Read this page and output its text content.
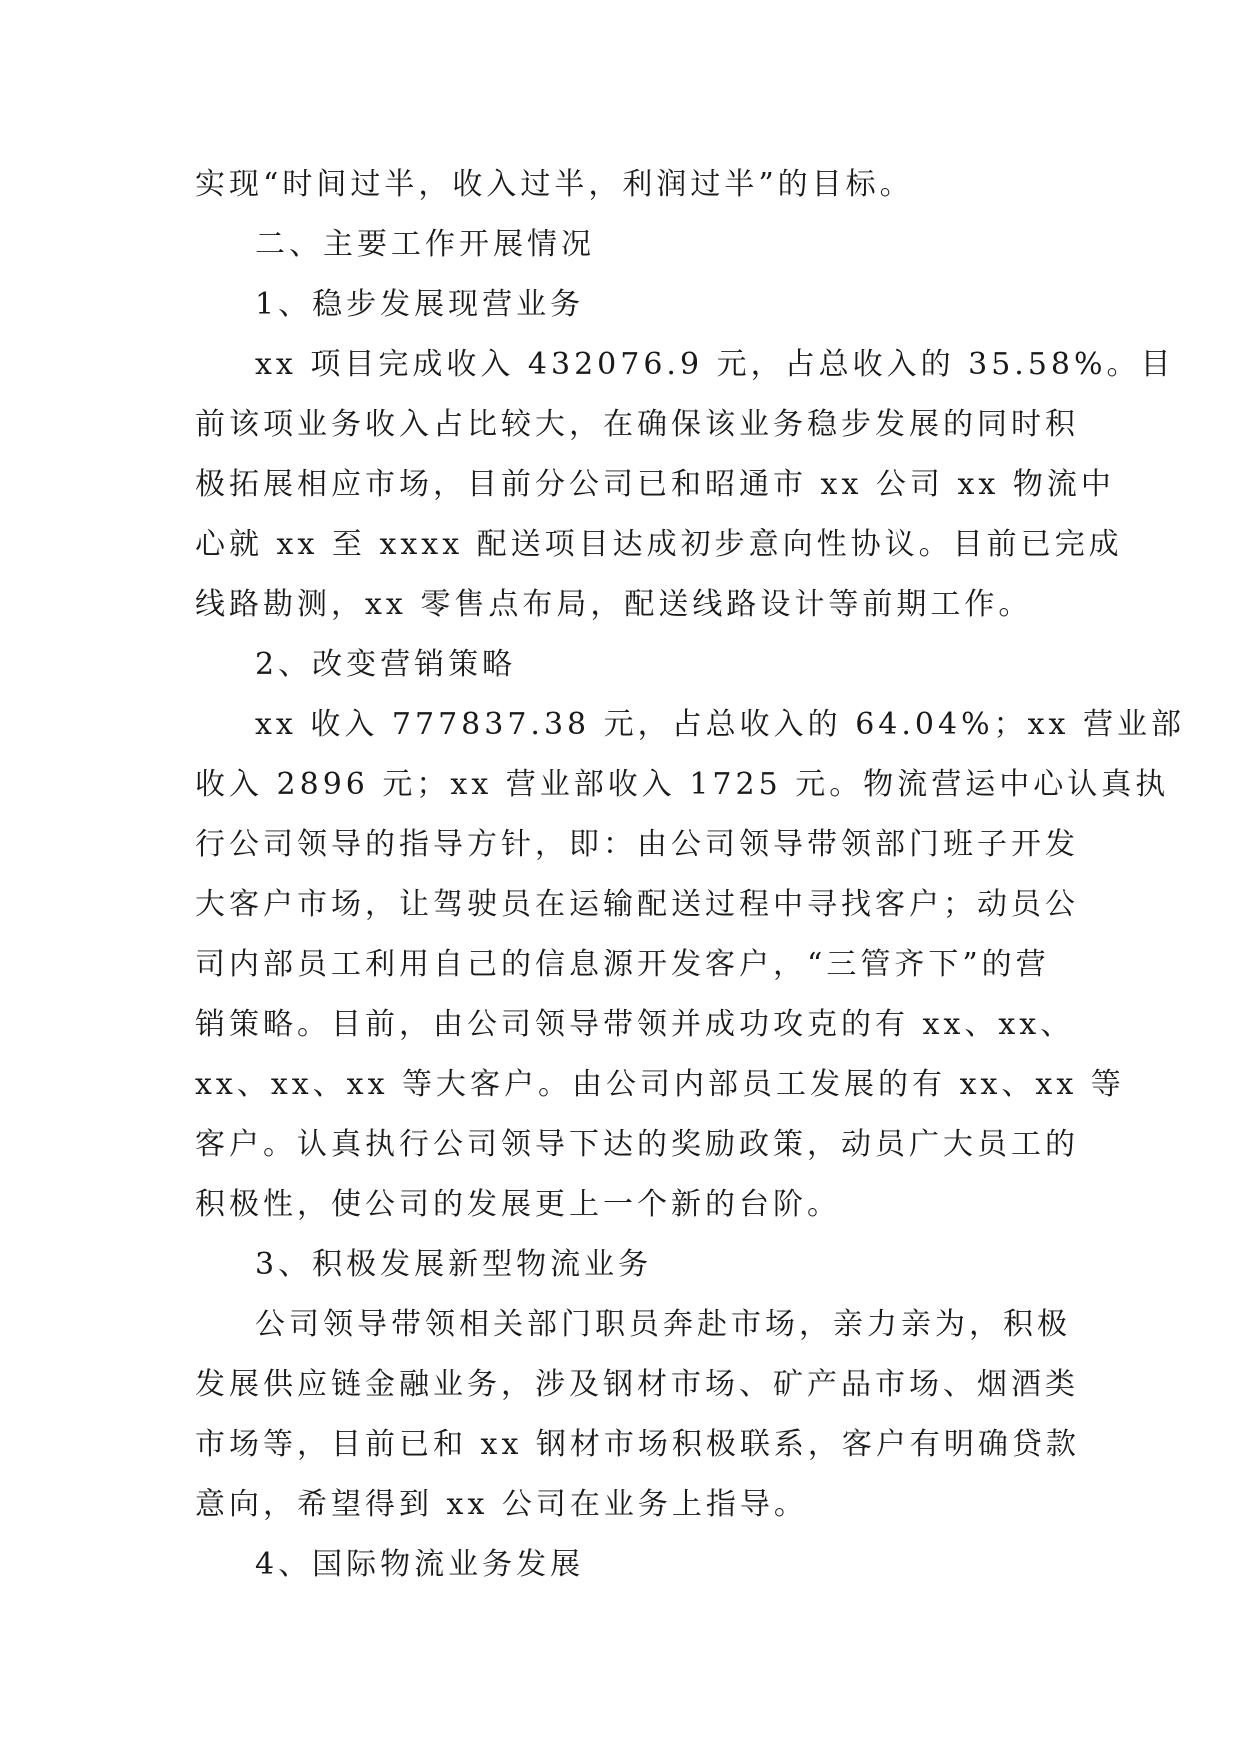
实现“时间过半，收入过半，利润过半”的目标。
二、主要工作开展情况
1、稳步发展现营业务
xx 项目完成收入 432076.9 元，占总收入的 35.58%。目
前该项业务收入占比较大，在确保该业务稳步发展的同时积
极拓展相应市场，目前分公司已和昭通市 xx 公司 xx 物流中
心就 xx 至 xxxx 配送项目达成初步意向性协议。目前已完成
线路勘测，xx 零售点布局，配送线路设计等前期工作。
2、改变营销策略
xx 收入 777837.38 元，占总收入的 64.04%；xx 营业部
收入 2896 元；xx 营业部收入 1725 元。物流营运中心认真执
行公司领导的指导方针，即：由公司领导带领部门班子开发
大客户市场，让驾驶员在运输配送过程中寻找客户；动员公
司内部员工利用自己的信息源开发客户，“三管齐下”的营
销策略。目前，由公司领导带领并成功攻克的有 xx、xx、
xx、xx、xx 等大客户。由公司内部员工发展的有 xx、xx 等
客户。认真执行公司领导下达的奖励政策，动员广大员工的
积极性，使公司的发展更上一个新的台阶。
3、积极发展新型物流业务
公司领导带领相关部门职员奔赴市场，亲力亲为，积极
发展供应链金融业务，涉及钢材市场、矿产品市场、烟酒类
市场等，目前已和 xx 钢材市场积极联系，客户有明确贷款
意向，希望得到 xx 公司在业务上指导。
4、国际物流业务发展
